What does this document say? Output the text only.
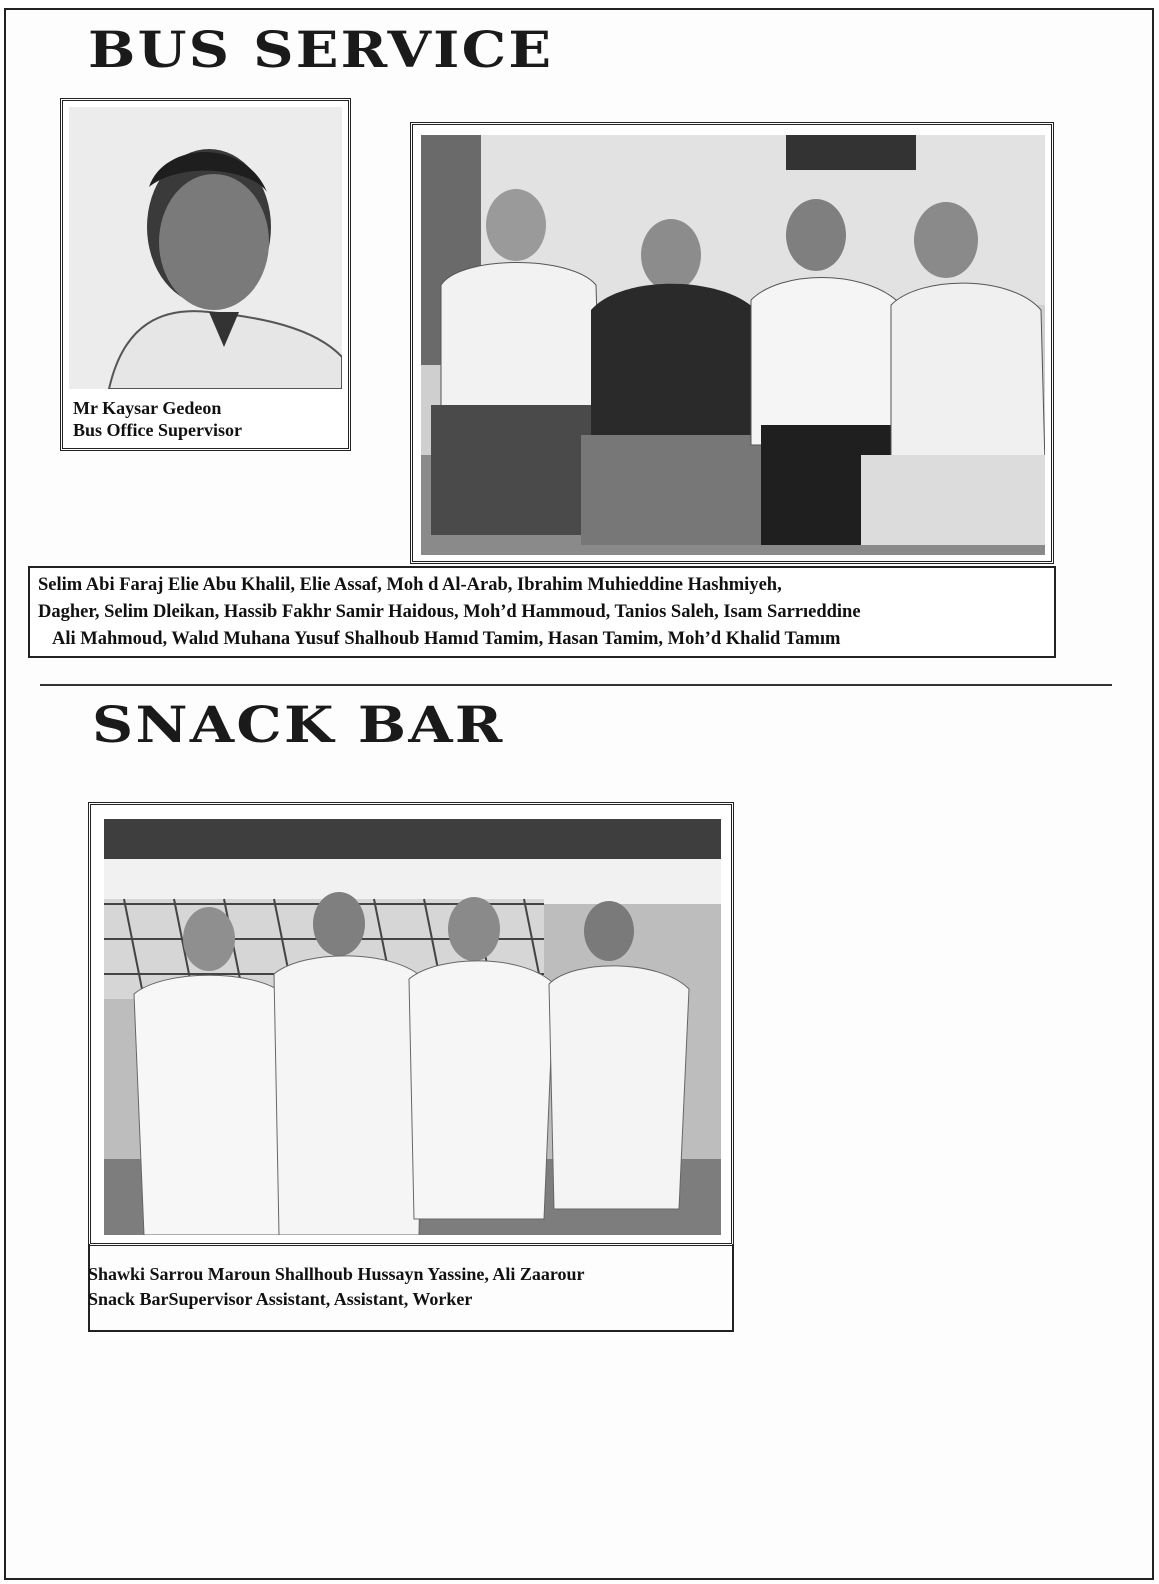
BUS SERVICE
Mr Kaysar Gedeon
Bus Office Supervisor
Selim Abi Faraj Elie Abu Khalil, Elie Assaf, Moh d Al-Arab, Ibrahim Muhieddine Hashmiyeh,
Dagher, Selim Dleikan, Hassib Fakhr Samir Haidous, Moh’d Hammoud, Tanios Saleh, Isam Sarrıeddine
Ali Mahmoud, Walıd Muhana Yusuf Shalhoub Hamıd Tamim, Hasan Tamim, Moh’d Khalid Tamım
SNACK BAR
Shawki Sarrou Maroun Shallhoub Hussayn Yassine, Ali Zaarour
Snack BarSupervisor Assistant, Assistant, Worker
